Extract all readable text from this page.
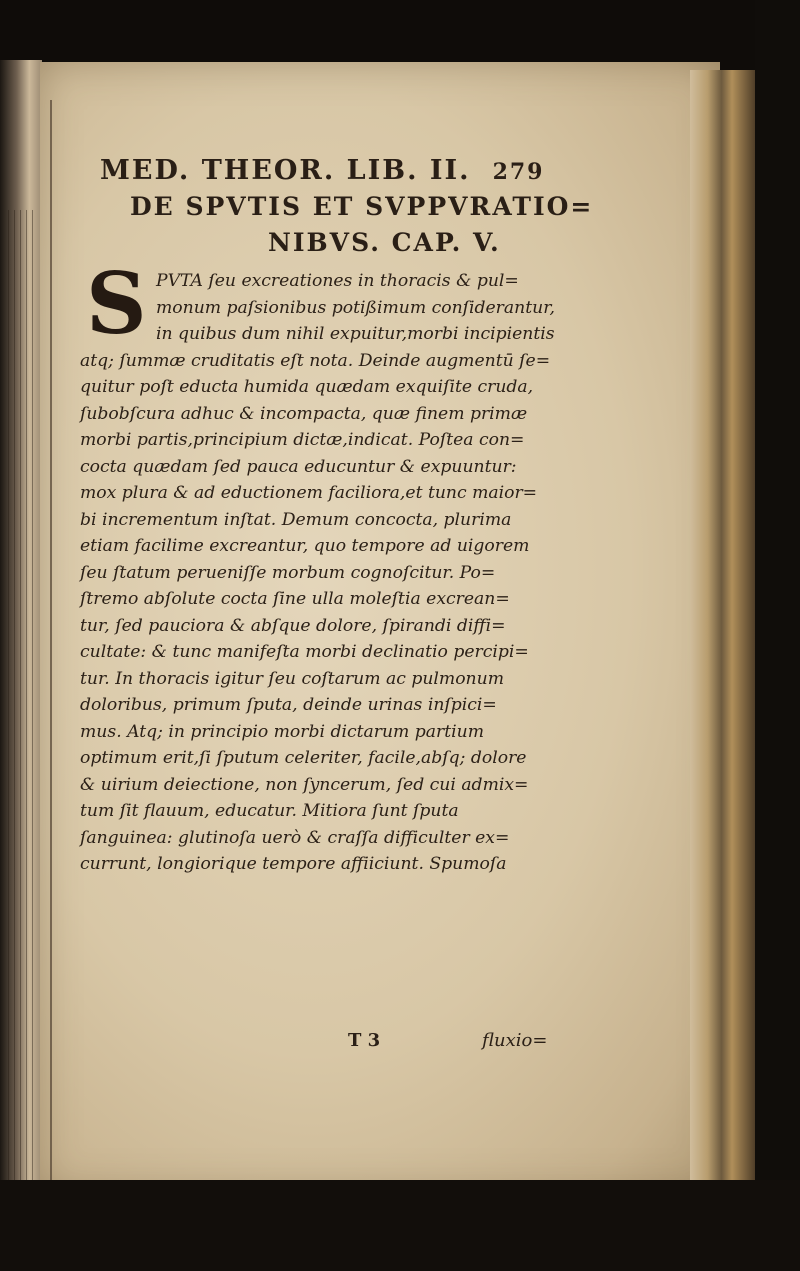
MED. THEOR. LIB. II. 279
DE SPVTIS ET SVPPVRATIO=
NIBVS. CAP. V.
S PVTA ſeu excreationes in thoracis & pul=
monum paſsionibus potißimum conſiderantur,
in quibus dum nihil expuitur,morbi incipientis
atq; ſummæ cruditatis eſt nota. Deinde augmentū ſe=
quitur poſt educta humida quædam exquiſite cruda,
ſubobſcura adhuc & incompacta, quæ finem primæ
morbi partis,principium dictæ,indicat. Poſtea con=
cocta quædam ſed pauca educuntur & expuuntur:
mox plura & ad eductionem faciliora,et tunc maior=
bi incrementum inſtat. Demum concocta, plurima
etiam facilime excreantur, quo tempore ad uigorem
ſeu ſtatum perueniſſe morbum cognoſcitur. Po=
ſtremo abſolute cocta ſine ulla moleſtia excrean=
tur, ſed pauciora & abſque dolore, ſpirandi diffi=
cultate: & tunc manifeſta morbi declinatio percipi=
tur. In thoracis igitur ſeu coſtarum ac pulmonum
doloribus, primum ſputa, deinde urinas inſpici=
mus. Atq; in principio morbi dictarum partium
optimum erit,ſi ſputum celeriter, facile,abſq; dolore
& uirium deiectione, non ſyncerum, ſed cui admix=
tum ſit flauum, educatur. Mitiora ſunt ſputa
ſanguinea: glutinoſa uerò & craſſa difficulter ex=
currunt, longiorique tempore affiiciunt. Spumoſa
T 3	fluxio=
